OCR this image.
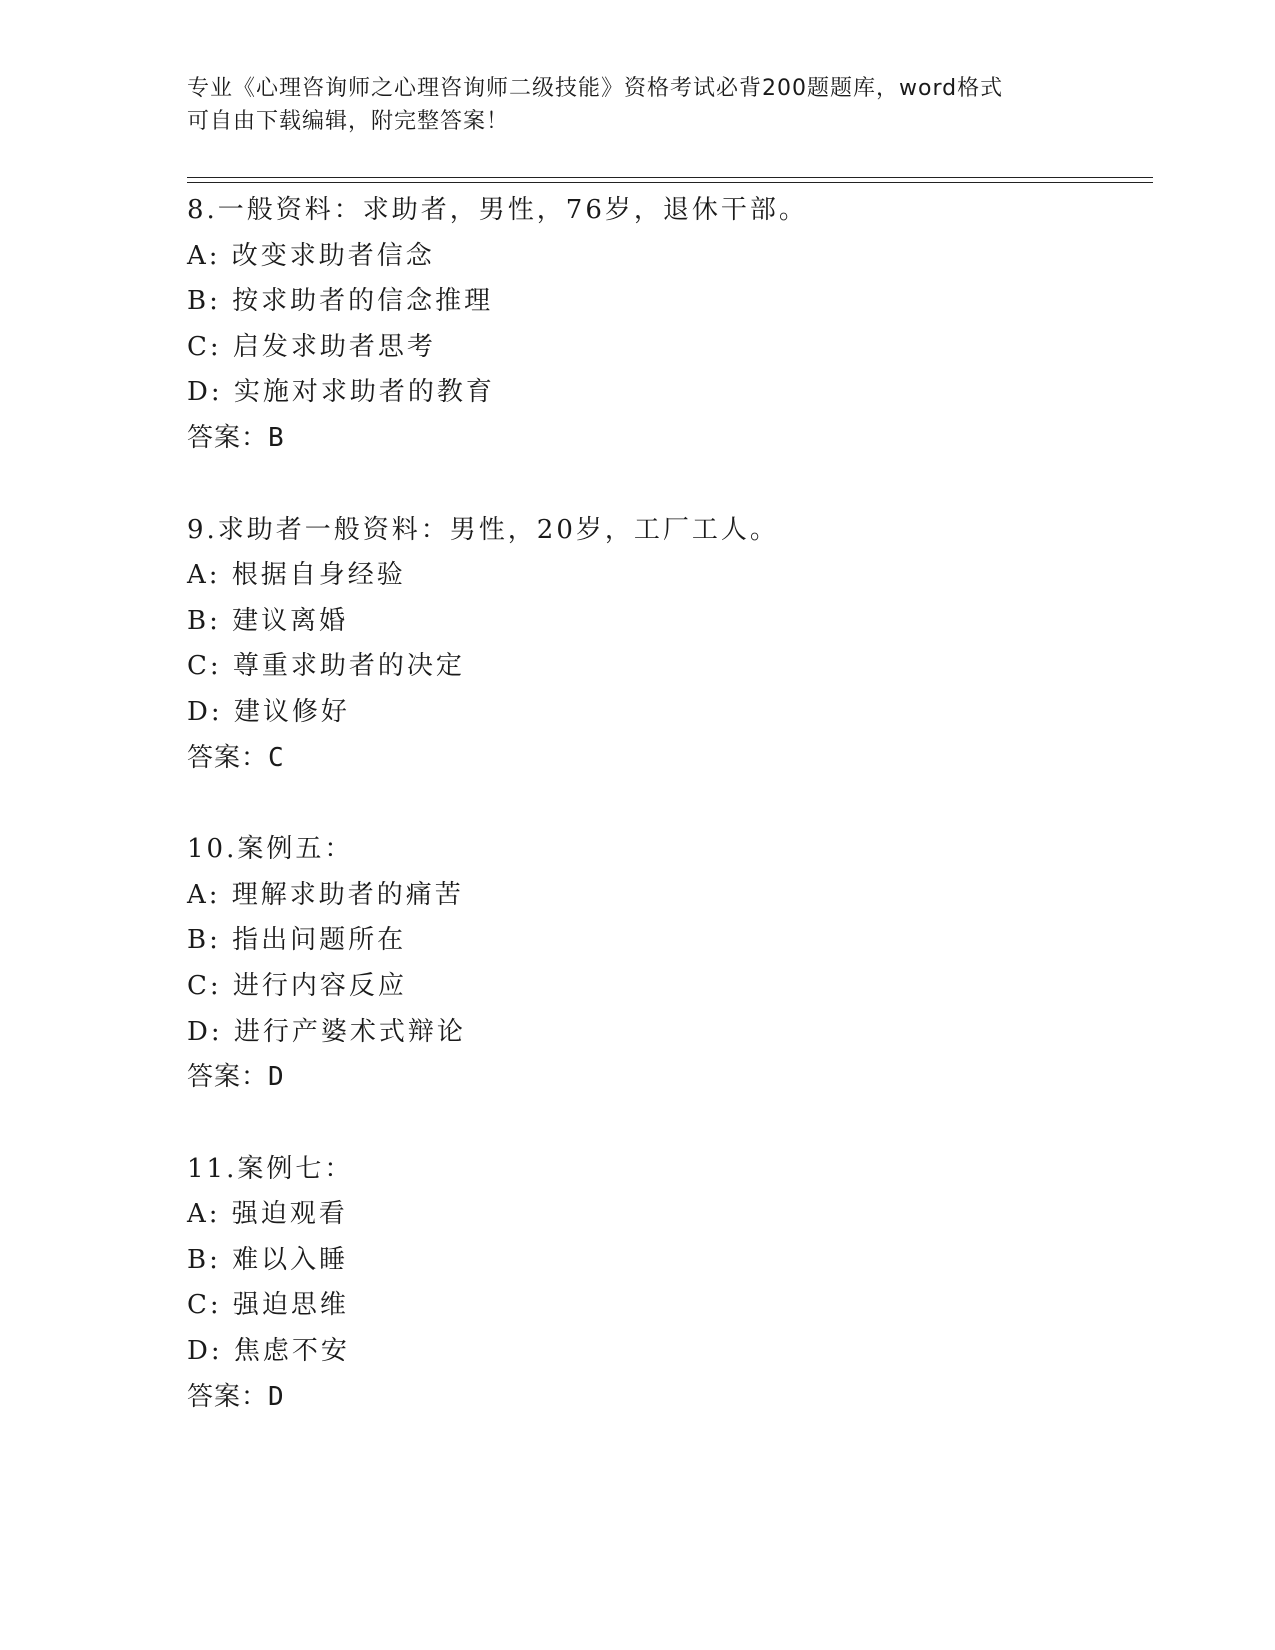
专业《心理咨询师之心理咨询师二级技能》资格考试必背200题题库，word格式
可自由下载编辑，附完整答案！
8.一般资料：求助者，男性，76岁，退休干部。
A: 改变求助者信念
B: 按求助者的信念推理
C: 启发求助者思考
D: 实施对求助者的教育
答案：B
9.求助者一般资料：男性，20岁，工厂工人。
A: 根据自身经验
B: 建议离婚
C: 尊重求助者的决定
D: 建议修好
答案：C
10.案例五：
A: 理解求助者的痛苦
B: 指出问题所在
C: 进行内容反应
D: 进行产婆术式辩论
答案：D
11.案例七：
A: 强迫观看
B: 难以入睡
C: 强迫思维
D: 焦虑不安
答案：D
